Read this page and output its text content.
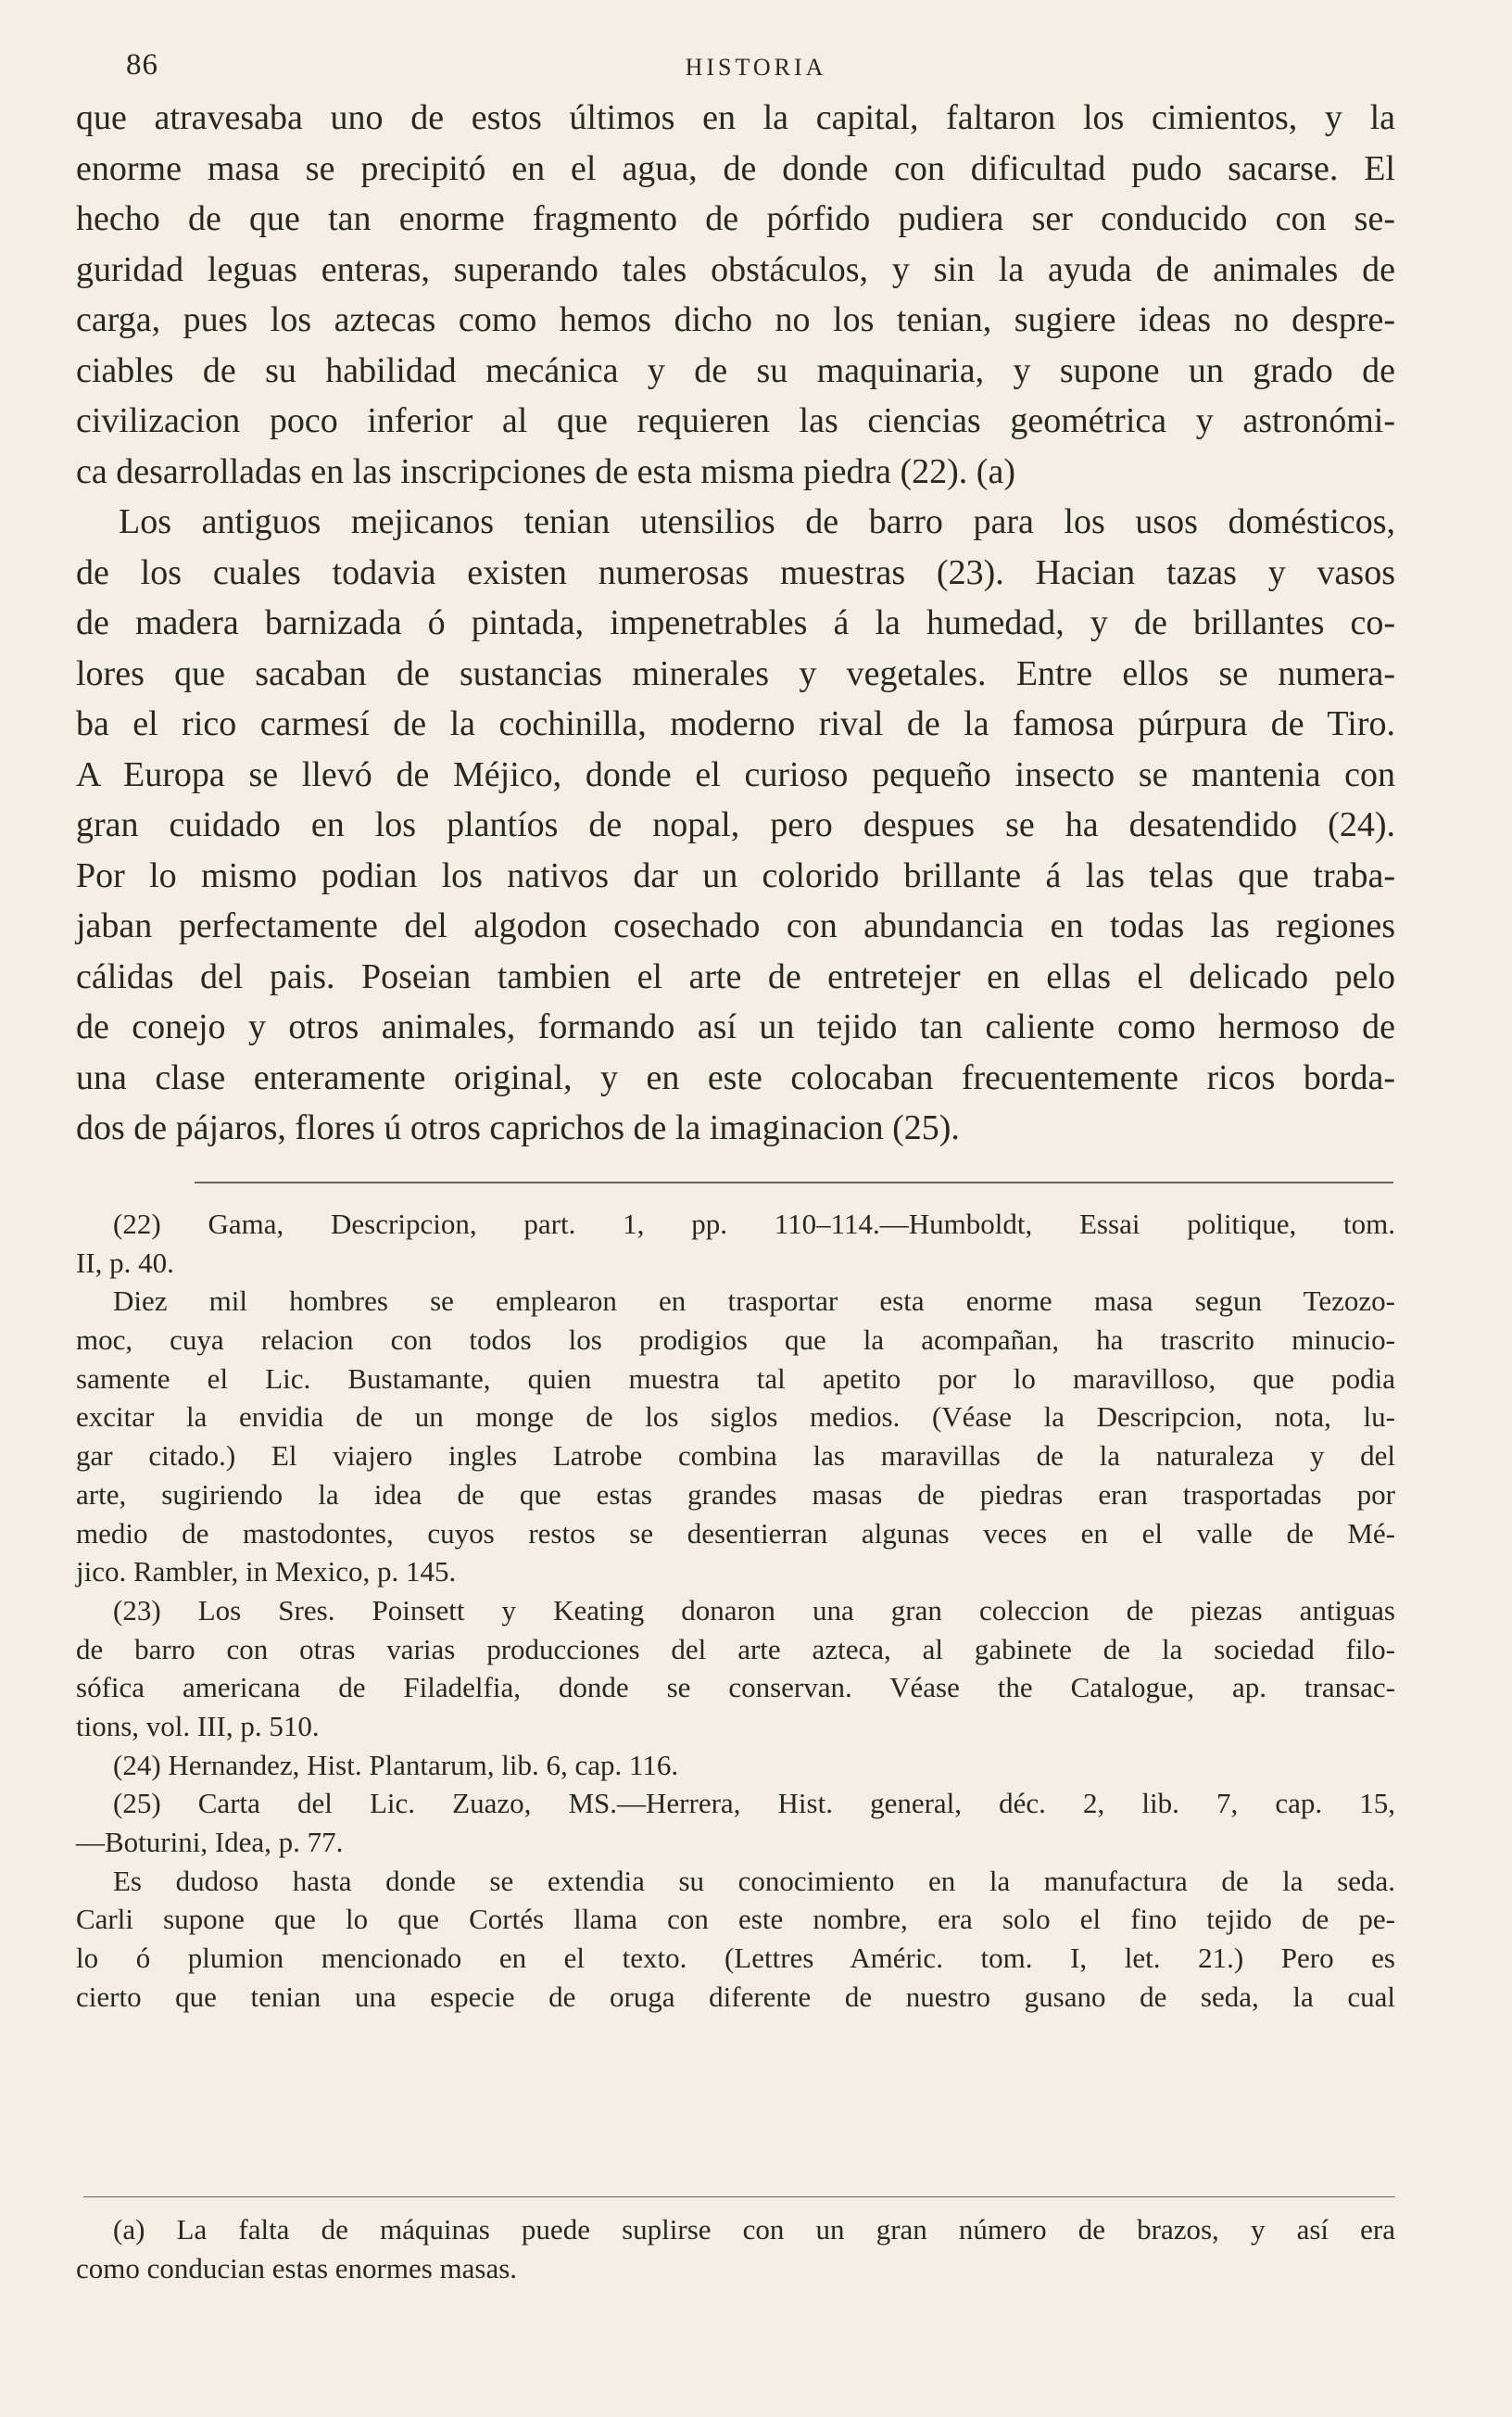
86	HISTORIA
que atravesaba uno de estos últimos en la capital, faltaron los cimientos, y la
enorme masa se precipitó en el agua, de donde con dificultad pudo sacarse. El
hecho de que tan enorme fragmento de pórfido pudiera ser conducido con se-
guridad leguas enteras, superando tales obstáculos, y sin la ayuda de animales de
carga, pues los aztecas como hemos dicho no los tenian, sugiere ideas no despre-
ciables de su habilidad mecánica y de su maquinaria, y supone un grado de
civilizacion poco inferior al que requieren las ciencias geométrica y astronómi-
ca desarrolladas en las inscripciones de esta misma piedra (22). (a)
Los antiguos mejicanos tenian utensilios de barro para los usos domésticos,
de los cuales todavia existen numerosas muestras (23). Hacian tazas y vasos
de madera barnizada ó pintada, impenetrables á la humedad, y de brillantes co-
lores que sacaban de sustancias minerales y vegetales. Entre ellos se numera-
ba el rico carmesí de la cochinilla, moderno rival de la famosa púrpura de Tiro.
A Europa se llevó de Méjico, donde el curioso pequeño insecto se mantenia con
gran cuidado en los plantíos de nopal, pero despues se ha desatendido (24).
Por lo mismo podian los nativos dar un colorido brillante á las telas que traba-
jaban perfectamente del algodon cosechado con abundancia en todas las regiones
cálidas del pais. Poseian tambien el arte de entretejer en ellas el delicado pelo
de conejo y otros animales, formando así un tejido tan caliente como hermoso de
una clase enteramente original, y en este colocaban frecuentemente ricos borda-
dos de pájaros, flores ú otros caprichos de la imaginacion (25).
(22) Gama, Descripcion, part. 1, pp. 110–114.—Humboldt, Essai politique, tom.
II, p. 40.
Diez mil hombres se emplearon en trasportar esta enorme masa segun Tezozo-
moc, cuya relacion con todos los prodigios que la acompañan, ha trascrito minucio-
samente el Lic. Bustamante, quien muestra tal apetito por lo maravilloso, que podia
excitar la envidia de un monge de los siglos medios. (Véase la Descripcion, nota, lu-
gar citado.) El viajero ingles Latrobe combina las maravillas de la naturaleza y del
arte, sugiriendo la idea de que estas grandes masas de piedras eran trasportadas por
medio de mastodontes, cuyos restos se desentierran algunas veces en el valle de Mé-
jico. Rambler, in Mexico, p. 145.
(23) Los Sres. Poinsett y Keating donaron una gran coleccion de piezas antiguas
de barro con otras varias producciones del arte azteca, al gabinete de la sociedad filo-
sófica americana de Filadelfia, donde se conservan. Véase the Catalogue, ap. transac-
tions, vol. III, p. 510.
(24) Hernandez, Hist. Plantarum, lib. 6, cap. 116.
(25) Carta del Lic. Zuazo, MS.—Herrera, Hist. general, déc. 2, lib. 7, cap. 15,
—Boturini, Idea, p. 77.
Es dudoso hasta donde se extendia su conocimiento en la manufactura de la seda.
Carli supone que lo que Cortés llama con este nombre, era solo el fino tejido de pe-
lo ó plumion mencionado en el texto. (Lettres Améric. tom. I, let. 21.) Pero es
cierto que tenian una especie de oruga diferente de nuestro gusano de seda, la cual
(a) La falta de máquinas puede suplirse con un gran número de brazos, y así era
como conducian estas enormes masas.
